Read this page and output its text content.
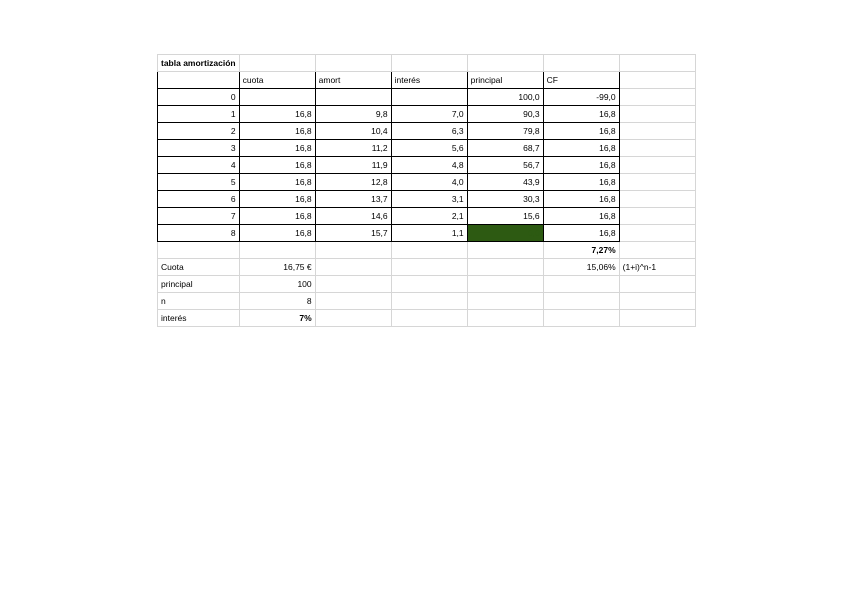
tabla amortización						
	cuota	amort	interés	principal	CF	
0				100,0	-99,0	
1	16,8	9,8	7,0	90,3	16,8	
2	16,8	10,4	6,3	79,8	16,8	
3	16,8	11,2	5,6	68,7	16,8	
4	16,8	11,9	4,8	56,7	16,8	
5	16,8	12,8	4,0	43,9	16,8	
6	16,8	13,7	3,1	30,3	16,8	
7	16,8	14,6	2,1	15,6	16,8	
8	16,8	15,7	1,1	0,0	16,8	
					7,27%	
Cuota	16,75 €				15,06%	(1+i)^n-1
principal	100					
n	8					
interés	7%					
